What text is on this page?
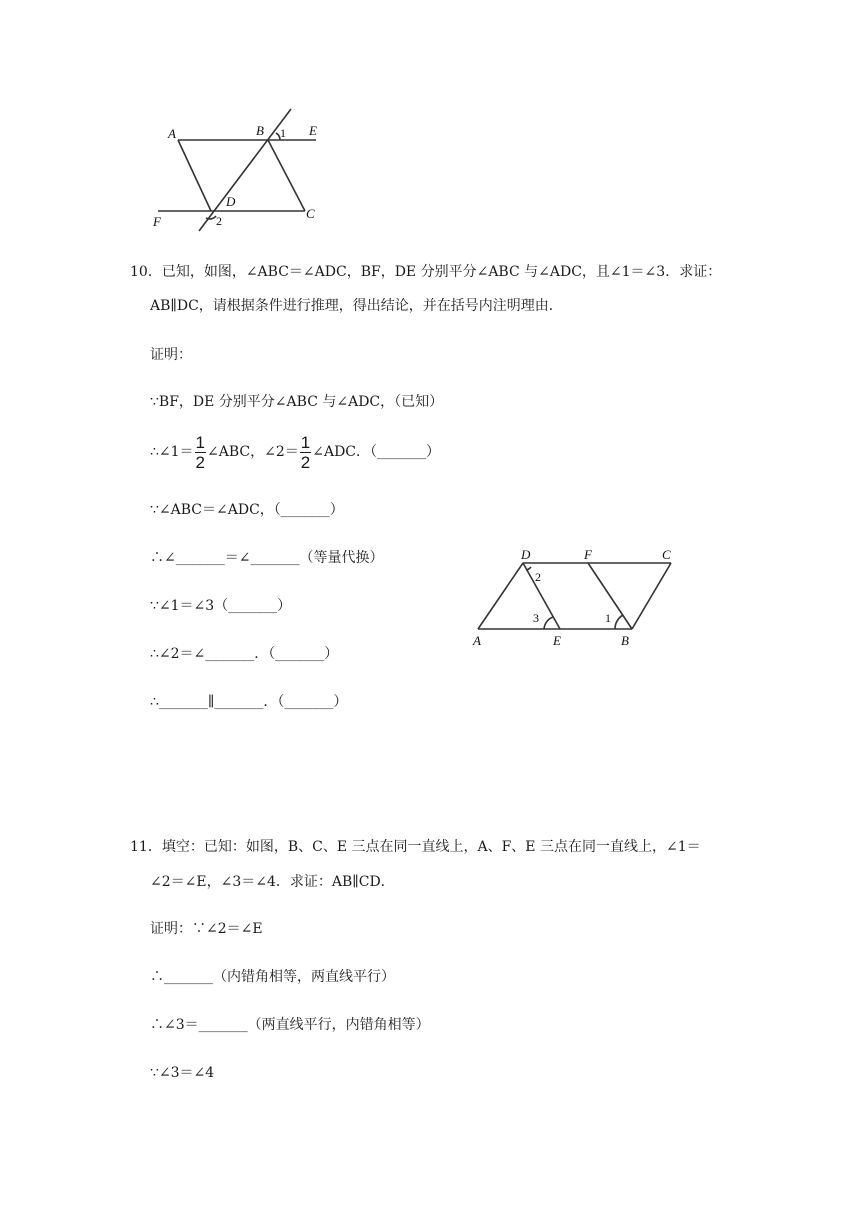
A	B 1 E
D
F	2	C
10．已知，如图，∠ABC＝∠ADC，BF，DE 分别平分∠ABC 与∠ADC，且∠1＝∠3．求证：
AB∥DC，请根据条件进行推理，得出结论，并在括号内注明理由．
证明：
∵BF，DE 分别平分∠ABC 与∠ADC，（已知）
∴∠1＝ $\frac{1}{2}$ ∠ABC，∠2＝ $\frac{1}{2}$ ∠ADC．（_______）
∵∠ABC＝∠ADC，（_______）
∴∠_______＝∠_______（等量代换）
∵∠1＝∠3（_______）
∴∠2＝∠_______．（_______）
∴_______∥_______．（_______）
D	F	C
2
3	1
A	E	B
11．填空：已知：如图，B、C、E 三点在同一直线上，A、F、E 三点在同一直线上，∠1＝
∠2＝∠E，∠3＝∠4．求证：AB∥CD．
证明：∵∠2＝∠E
∴_______（内错角相等，两直线平行）
∴∠3＝_______（两直线平行，内错角相等）
∵∠3＝∠4
